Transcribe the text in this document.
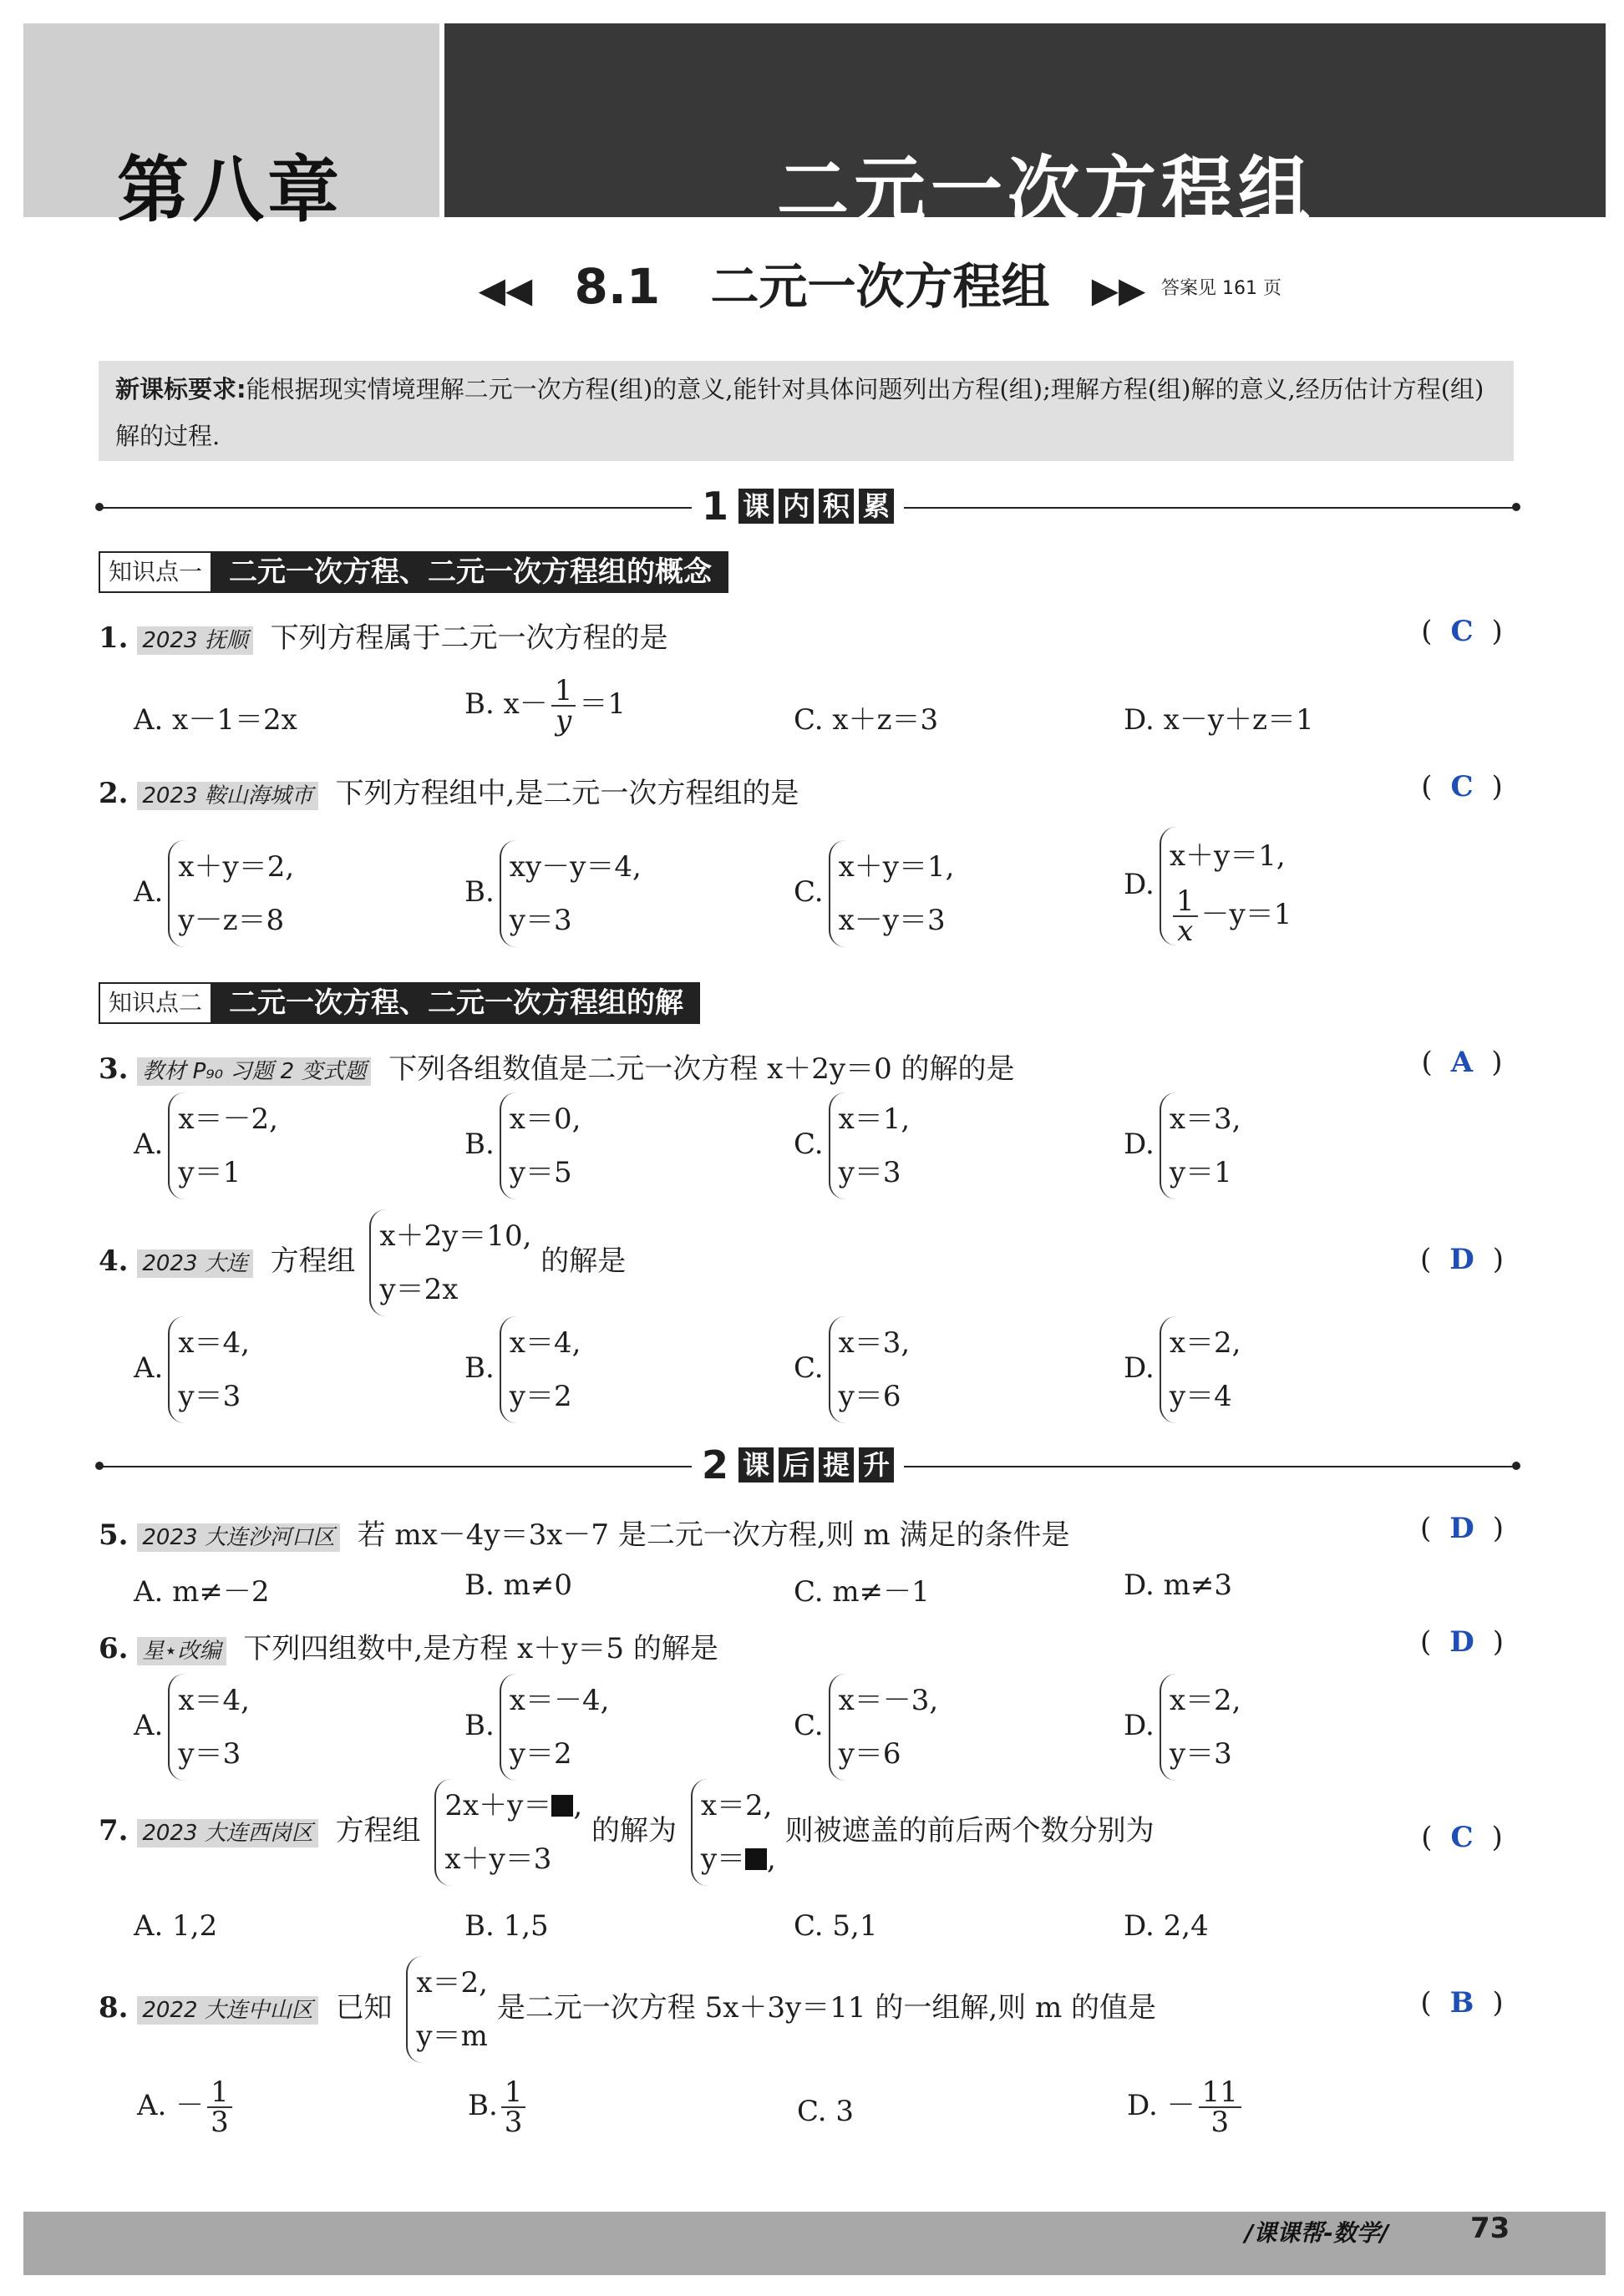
第八章	二元一次方程组
◀◀ 8.1 二元一次方程组 ▶▶ 答案见 161 页
新课标要求:能根据现实情境理解二元一次方程(组)的意义,能针对具体问题列出方程(组);理解方程(组)解的意义,经历估计方程(组)解的过程.
1 课 内 积 累
知识点一 二元一次方程、二元一次方程组的概念
1. 2023 抚顺 下列方程属于二元一次方程的是	( C )
A. x－1＝2x	B. $x- \frac{1}{y} =1$	C. x＋z＝3	D. x－y＋z＝1
2. 2023 鞍山海城市 下列方程组中,是二元一次方程组的是	( C )
A.x＋y＝2,
y－z＝8
B.xy－y＝4,
y＝3
C.x＋y＝1,
x－y＝3
D.x＋y＝1,

$\frac{1}{x} -y=1$
知识点二 二元一次方程、二元一次方程组的解
3. 教材 P₉₀ 习题 2 变式题 下列各组数值是二元一次方程 x＋2y＝0 的解的是	( A )
A.x＝－2,
y＝1
B.x＝0,
y＝5
C.x＝1,
y＝3
D.x＝3,
y＝1
4. 2023 大连 方程组 x＋2y＝10,
y＝2x 的解是	( D )
A.x＝4,
y＝3
B.x＝4,
y＝2
C.x＝3,
y＝6
D.x＝2,
y＝4
2 课 后 提 升
5. 2023 大连沙河口区 若 mx－4y＝3x－7 是二元一次方程,则 m 满足的条件是	( D )
A. m≠－2	B. m≠0	C. m≠－1	D. m≠3
6. 星⋆改编 下列四组数中,是方程 x＋y＝5 的解是	( D )
A.x＝4,
y＝3
B.x＝－4,
y＝2
C.x＝－3,
y＝6
D.x＝2,
y＝3
7. 2023 大连西岗区 方程组 2x＋y＝ ,
x＋y＝3 的解为 x＝2,
y＝ , 则被遮盖的前后两个数分别为	( C )
A. 1,2	B. 1,5	C. 5,1	D. 2,4
8. 2022 大连中山区 已知 x＝2,
y＝m 是二元一次方程 5x＋3y＝11 的一组解,则 m 的值是	( B )
A. － $\frac{1}{3}$	B. $\frac{1}{3}$	C. 3	D. － $\frac{11}{3}$
/课课帮-数学/	73
